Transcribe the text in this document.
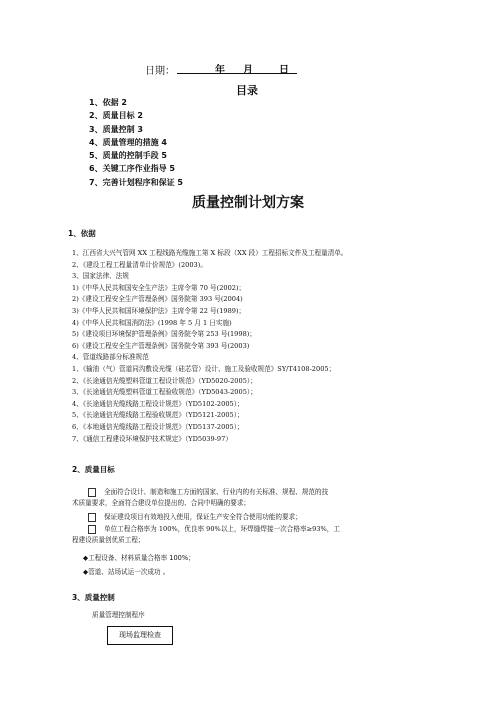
日期：	年 月	日
目录
1、依据 2
2、质量目标 2
3、质量控制 3
4、质量管理的措施 4
5、质量的控制手段 5
6、关键工序作业指导 5
7、完善计划程序和保证 5
质量控制计划方案
1、依据
1、江西省大兴气管网 XX 工程线路光缆施工第 X 标段（XX 段）工程招标文件及工程量清单。
2、《建设工程工程量清单计价规范》(2003)。
3、国家法律、法规
1)《中华人民共和国安全生产法》主席令第 70 号(2002)；
2)《建设工程安全生产管理条例》国务院第 393 号(2004)
3)《中华人民共和国环境保护法》主席令第 22 号(1989)；
4)《中华人民共和国消防法》(1998 年 5 月 1 日实施)
5)《建设项目环境保护管理条例》国务院令第 253 号(1998)；
6)《建设工程安全生产管理条例》国务院令第 393 号(2003)
4、管道线路部分标准规范
1、《输油（气）管道同沟敷设光缆（硅芯管）设计、施工及验收规范》SY/T4108-2005；
2、《长途通信光缆塑料管道工程设计规范》（YD5020-2005）；
3、《长途通信光缆塑料管道工程验收规范》（YD5043-2005）；
4、《长途通信光缆线路工程设计规范》（YD5102-2005）；
5、《长途通信光缆线路工程验收规范》（YD5121-2005）；
6、《本地通信光缆线路工程设计规范》（YD5137-2005）；
7、《通信工程建设环境保护技术规定》（YD5039-97）
2、质量目标
全面符合设计、制造和施工方面的国家、行业内的有关标准、规程、规范的技
术质量要求，全面符合建设单位提出的、合同中明确的要求；
保证建设项目有效地投入使用，保证生产安全符合使用功能的要求；
单位工程合格率为 100%，优良率 90%以上，环焊缝焊接一次合格率≥93%，工
程建设质量创优质工程；
◆工程设备、材料质量合格率 100%；
◆管道、站场试运一次成功 。
3、质量控制
质量管理控制程序
现场监理检查
